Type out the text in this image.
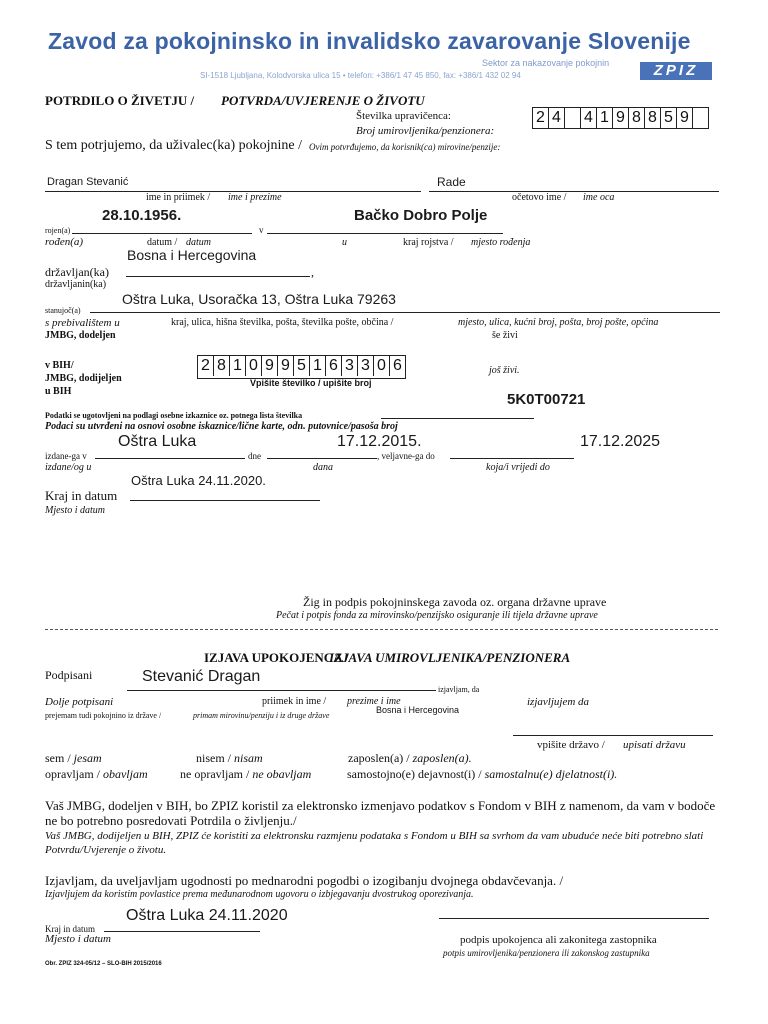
Zavod za pokojninsko in invalidsko zavarovanje Slovenije
Sektor za nakazovanje pokojnin
SI-1518 Ljubljana, Kolodvorska ulica 15 • telefon: +386/1 47 45 850, fax: +386/1 432 02 94	ZPIZ
POTRDILO O ŽIVETJU / POTVRDA/UVJERENJE O ŽIVOTU
Številka upravičenca:
Broj umirovljenika/penzionera:
2 4 4 1 9 8 8 5 9
S tem potrjujemo, da uživalec(ka) pokojnine / Ovim potvrđujemo, da korisnik(ca) mirovine/penzije:
Dragan Stevanić	Rade
ime in priimek / ime i prezime	očetovo ime / ime oca
28.10.1956.	Bačko Dobro Polje
rojen(a)	v
rođen(a)	datum / datum	u	kraj rojstva / mjesto rođenja
Bosna i Hercegovina
državljan(ka)	,
državljanin(ka)
Oštra Luka, Usoračka 13, Oštra Luka 79263
stanujoč(a)
s prebivalištem u	kraj, ulica, hišna številka, pošta, številka pošte, občina /	mjesto, ulica, kućni broj, pošta, broj pošte, općina
JMBG, dodeljen	še živi
v BIH/
JMBG, dodijeljen
u BIH
2 8 1 0 9 9 5 1 6 3 3 0 6
Vpišite številko / upišite broj
još živi.
5K0T00721
Podatki se ugotovljeni na podlagi osebne izkaznice oz. potnega lista številka
Podaci su utvrđeni na osnovi osobne iskaznice/lične karte, odn. putovnice/pasoša broj
Oštra Luka	17.12.2015.	17.12.2025
izdane-ga v	dne	, veljavne-ga do
izdane/og u	dana	koja/i vrijedi do
Oštra Luka 24.11.2020.
Kraj in datum
Mjesto i datum
Žig in podpis pokojninskega zavoda oz. organa državne uprave
Pečat i potpis fonda za mirovinsko/penzijsko osiguranje ili tijela državne uprave
IZJAVA UPOKOJENCA /
IZJAVA UMIROVLJENIKA/PENZIONERA
Podpisani	Stevanić Dragan
izjavljam, da
Dolje potpisani	priimek in ime / prezime i ime	izjavljujem da
prejemam tudi pokojnino iz države /	primam mirovinu/penziju i iz druge države
Bosna i Hercegovina
vpišite državo / upisati državu
sem / jesam	nisem / nisam	zaposlen(a) / zaposlen(a).
opravljam / obavljam	ne opravljam / ne obavljam	samostojno(e) dejavnost(i) / samostalnu(e) djelatnost(i).
Vaš JMBG, dodeljen v BIH, bo ZPIZ koristil za elektronsko izmenjavo podatkov s Fondom v BIH z namenom, da vam v bodoče ne bo potrebno posredovati Potrdila o življenju./
Vaš JMBG, dodijeljen u BIH, ZPIZ će koristiti za elektronsku razmjenu podataka s Fondom u BIH sa svrhom da vam ubuduće neće biti potrebno slati Potvrdu/Uvjerenje o životu.
Izjavljam, da uveljavljam ugodnosti po mednarodni pogodbi o izogibanju dvojnega obdavčevanja. /
Izjavljujem da koristim povlastice prema međunarodnom ugovoru o izbjegavanju dvostrukog oporezivanja.
Oštra Luka 24.11.2020
Kraj in datum
Mjesto i datum	podpis upokojenca ali zakonitega zastopnika
potpis umirovljenika/penzionera ili zakonskog zastupnika
Obr. ZPIZ 324-05/12 – SLO-BIH 2015/2016
